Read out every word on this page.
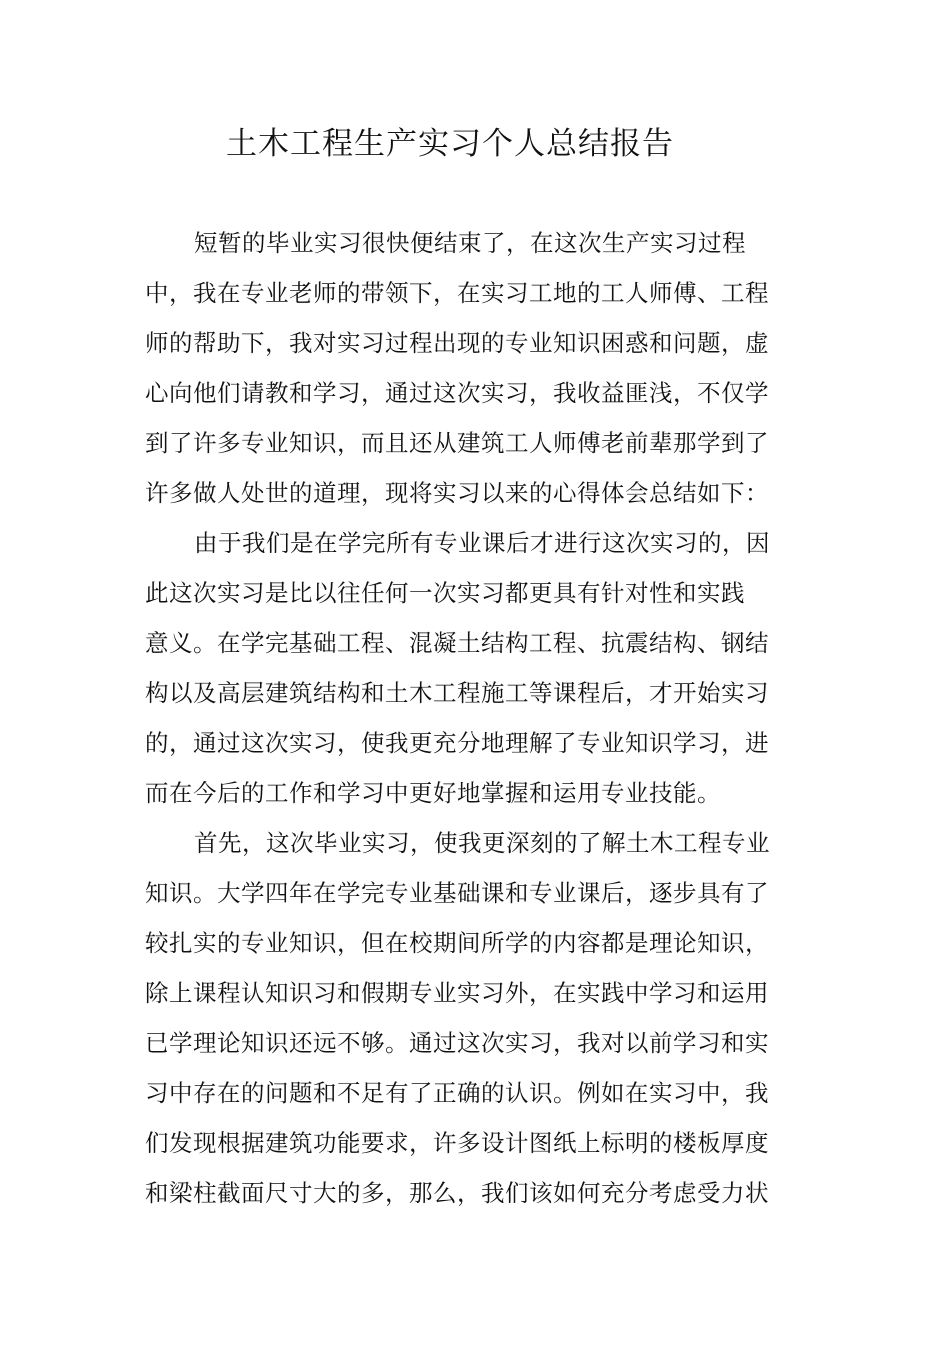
土木工程生产实习个人总结报告

短暂的毕业实习很快便结束了，在这次生产实习过程
中，我在专业老师的带领下，在实习工地的工人师傅、工程
师的帮助下，我对实习过程出现的专业知识困惑和问题，虚
心向他们请教和学习，通过这次实习，我收益匪浅，不仅学
到了许多专业知识，而且还从建筑工人师傅老前辈那学到了
许多做人处世的道理，现将实习以来的心得体会总结如下：

由于我们是在学完所有专业课后才进行这次实习的，因
此这次实习是比以往任何一次实习都更具有针对性和实践
意义。在学完基础工程、混凝土结构工程、抗震结构、钢结
构以及高层建筑结构和土木工程施工等课程后，才开始实习
的，通过这次实习，使我更充分地理解了专业知识学习，进
而在今后的工作和学习中更好地掌握和运用专业技能。

首先，这次毕业实习，使我更深刻的了解土木工程专业
知识。大学四年在学完专业基础课和专业课后，逐步具有了
较扎实的专业知识，但在校期间所学的内容都是理论知识，
除上课程认知识习和假期专业实习外，在实践中学习和运用
已学理论知识还远不够。通过这次实习，我对以前学习和实
习中存在的问题和不足有了正确的认识。例如在实习中，我
们发现根据建筑功能要求，许多设计图纸上标明的楼板厚度
和梁柱截面尺寸大的多，那么，我们该如何充分考虑受力状
